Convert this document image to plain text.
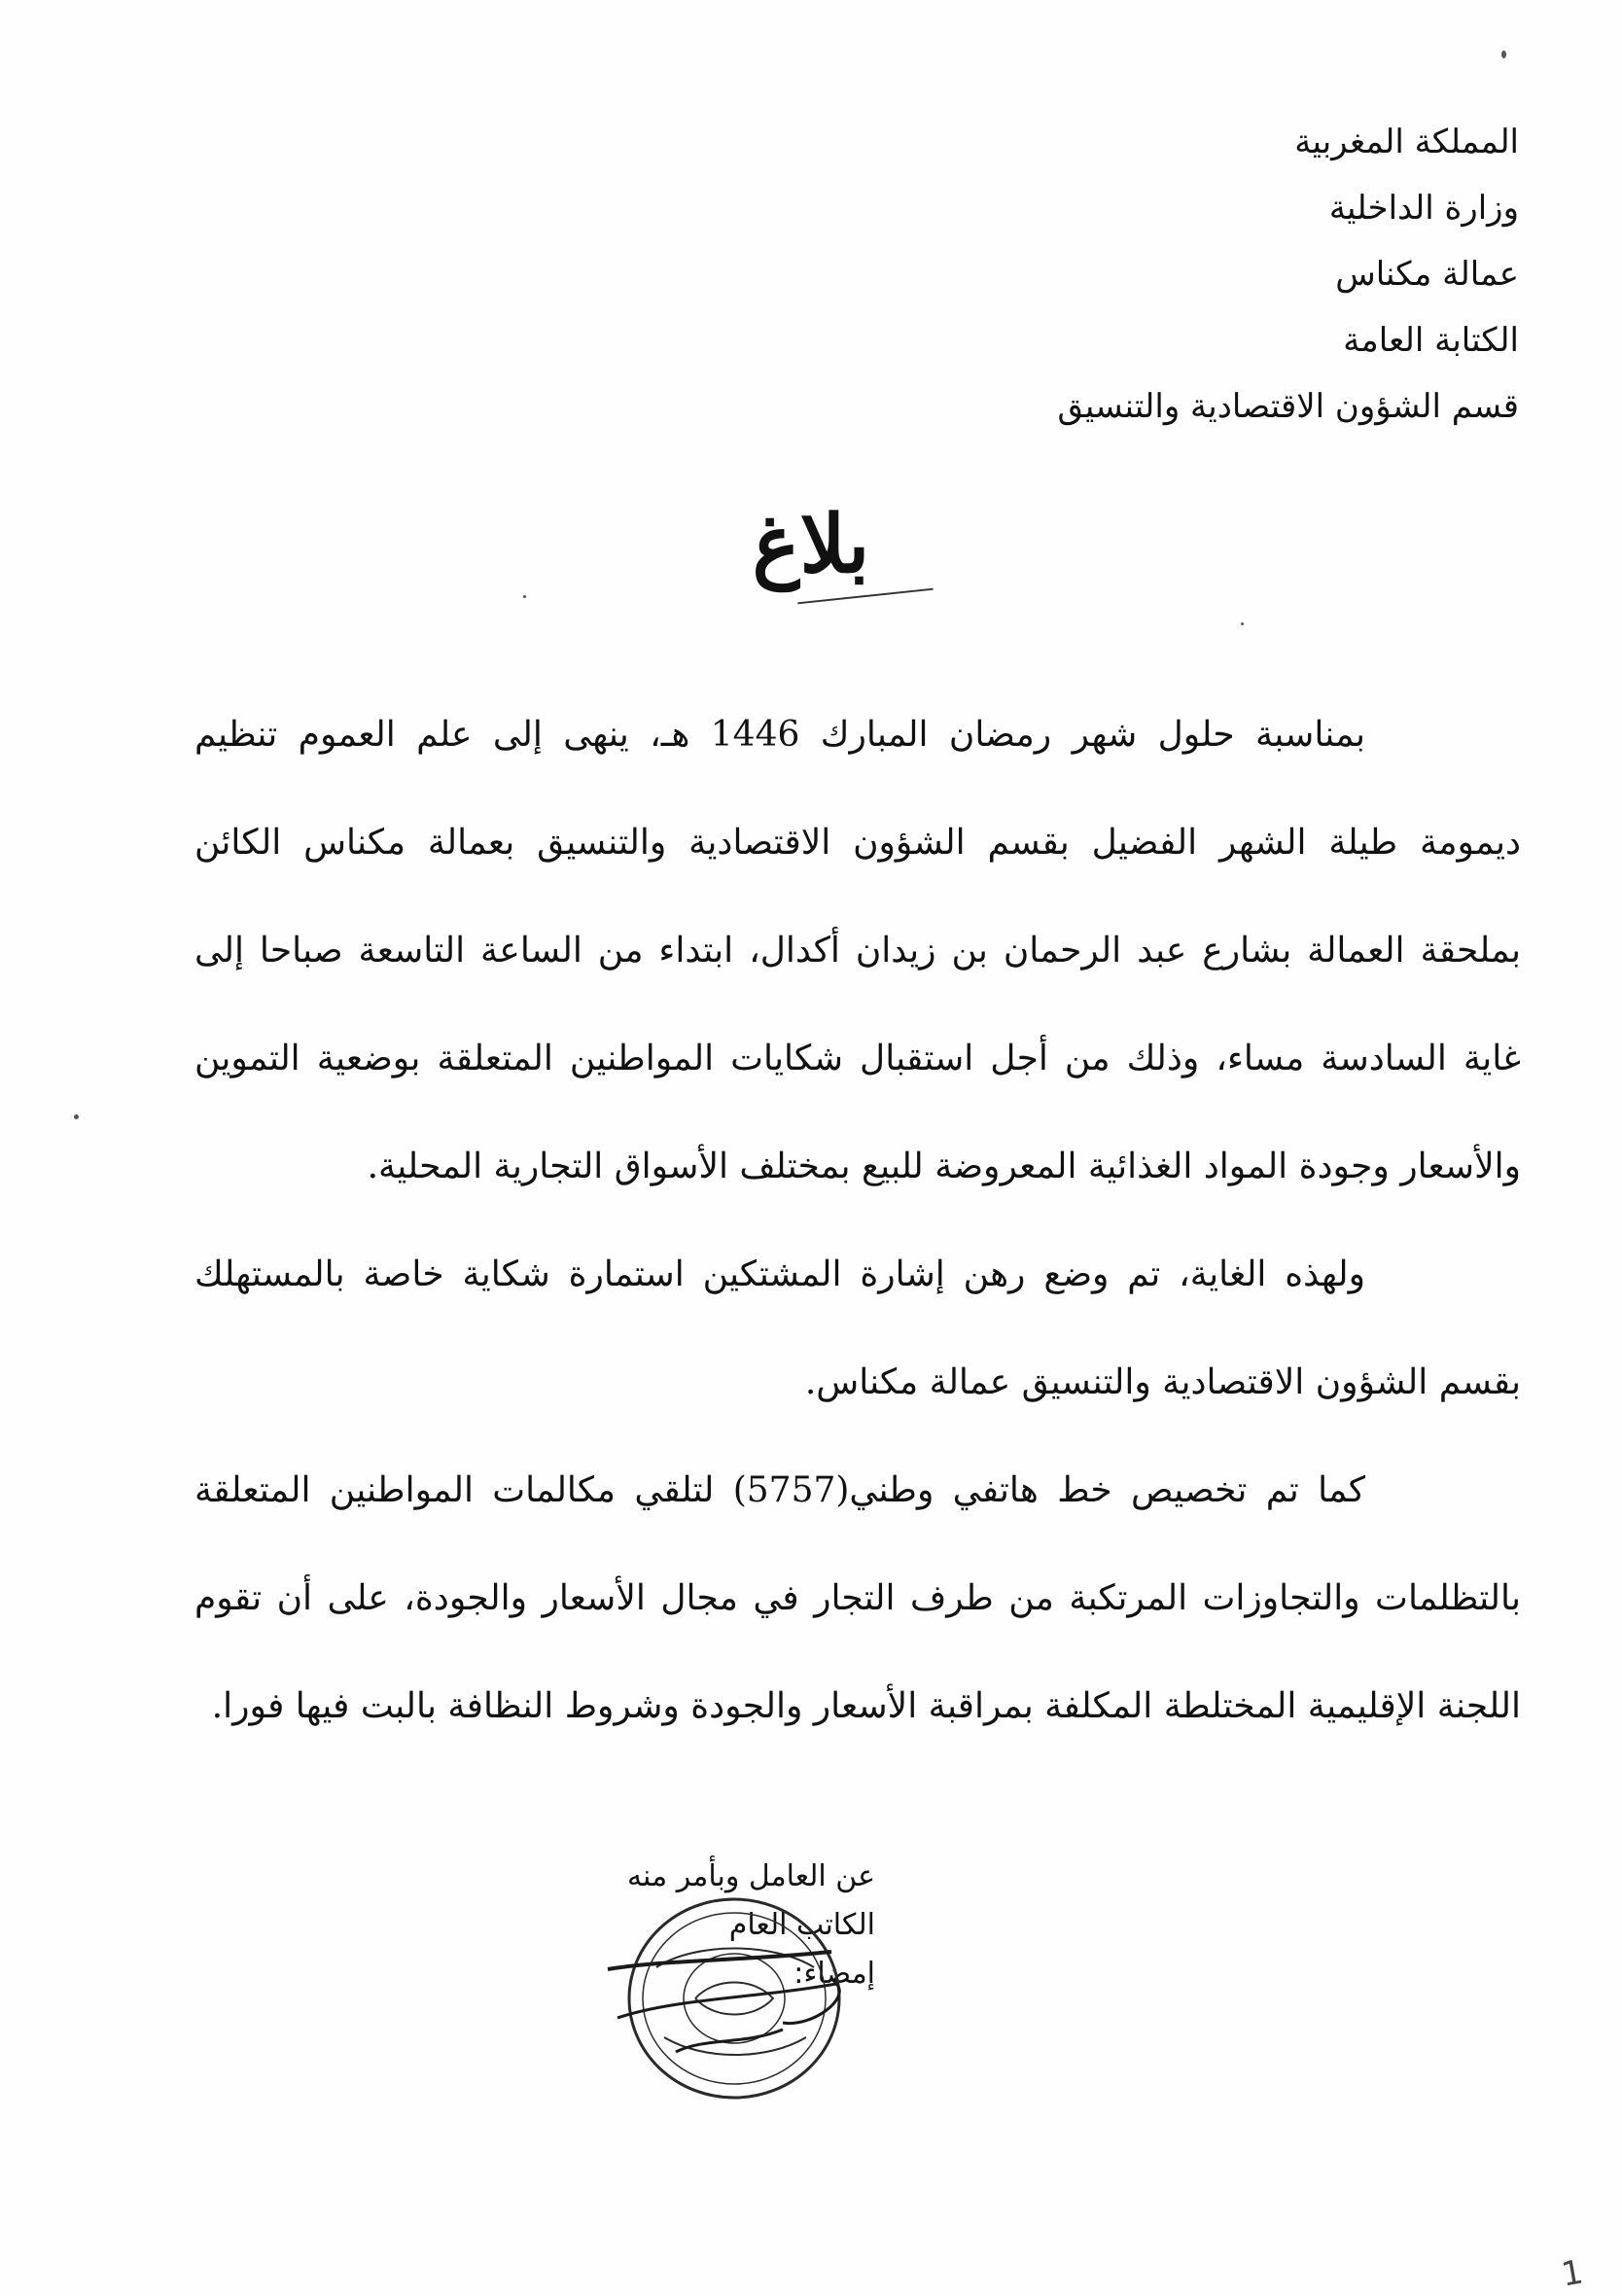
المملكة المغربية
وزارة الداخلية
عمالة مكناس
الكتابة العامة
قسم الشؤون الاقتصادية والتنسيق
بلاغ

بمناسبة حلول شهر رمضان المبارك 1446 هـ، ينهى إلى علم العموم تنظيم ديمومة طيلة الشهر الفضيل بقسم الشؤون الاقتصادية والتنسيق بعمالة مكناس الكائن بملحقة العمالة بشارع عبد الرحمان بن زيدان أكدال، ابتداء من الساعة التاسعة صباحا إلى غاية السادسة مساء، وذلك من أجل استقبال شكايات المواطنين المتعلقة بوضعية التموين والأسعار وجودة المواد الغذائية المعروضة للبيع بمختلف الأسواق التجارية المحلية.

ولهذه الغاية، تم وضع رهن إشارة المشتكين استمارة شكاية خاصة بالمستهلك بقسم الشؤون الاقتصادية والتنسيق عمالة مكناس.

كما تم تخصيص خط هاتفي وطني(5757) لتلقي مكالمات المواطنين المتعلقة بالتظلمات والتجاوزات المرتكبة من طرف التجار في مجال الأسعار والجودة، على أن تقوم اللجنة الإقليمية المختلطة المكلفة بمراقبة الأسعار والجودة وشروط النظافة بالبت فيها فورا.

عن العامل وبأمر منه
الكاتب العام
إمضاء:
1
